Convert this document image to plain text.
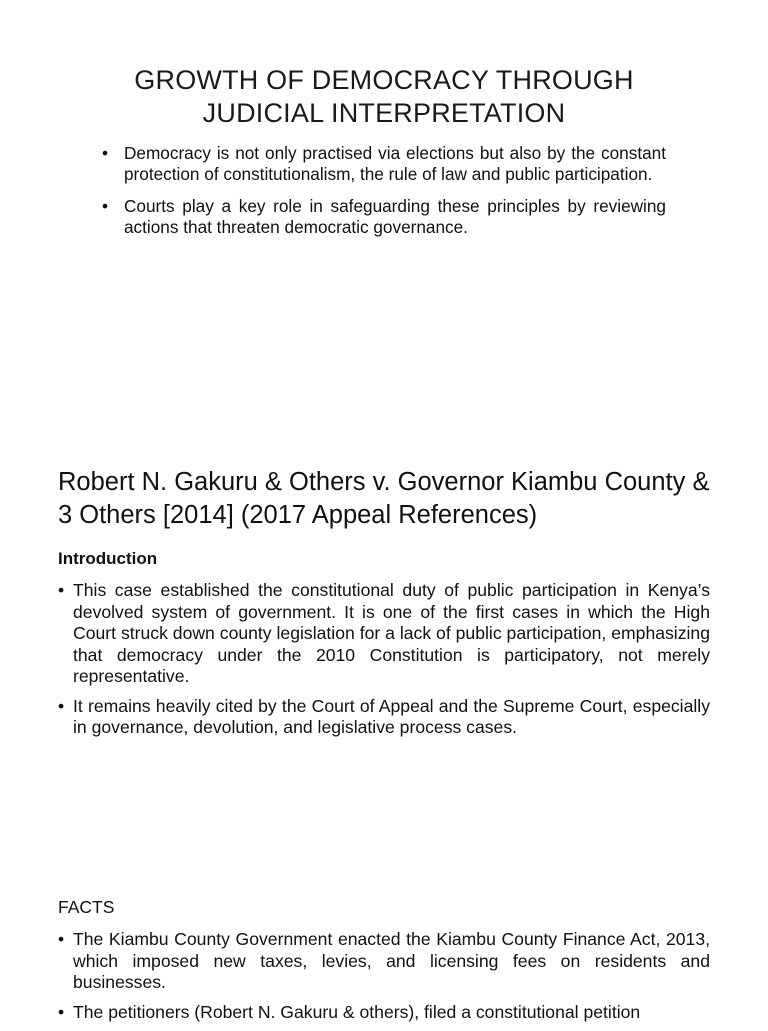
GROWTH OF DEMOCRACY THROUGH
JUDICIAL INTERPRETATION
• Democracy is not only practised via elections but also by the constant protection of constitutionalism, the rule of law and public participation.
• Courts play a key role in safeguarding these principles by reviewing actions that threaten democratic governance.
Robert N. Gakuru & Others v. Governor Kiambu County & 3 Others [2014] (2017 Appeal References)
Introduction
• This case established the constitutional duty of public participation in Kenya’s devolved system of government. It is one of the first cases in which the High Court struck down county legislation for a lack of public participation, emphasizing that democracy under the 2010 Constitution is participatory, not merely representative.
• It remains heavily cited by the Court of Appeal and the Supreme Court, especially in governance, devolution, and legislative process cases.
FACTS
• The Kiambu County Government enacted the Kiambu County Finance Act, 2013, which imposed new taxes, levies, and licensing fees on residents and businesses.
• The petitioners (Robert N. Gakuru & others), filed a constitutional petition
